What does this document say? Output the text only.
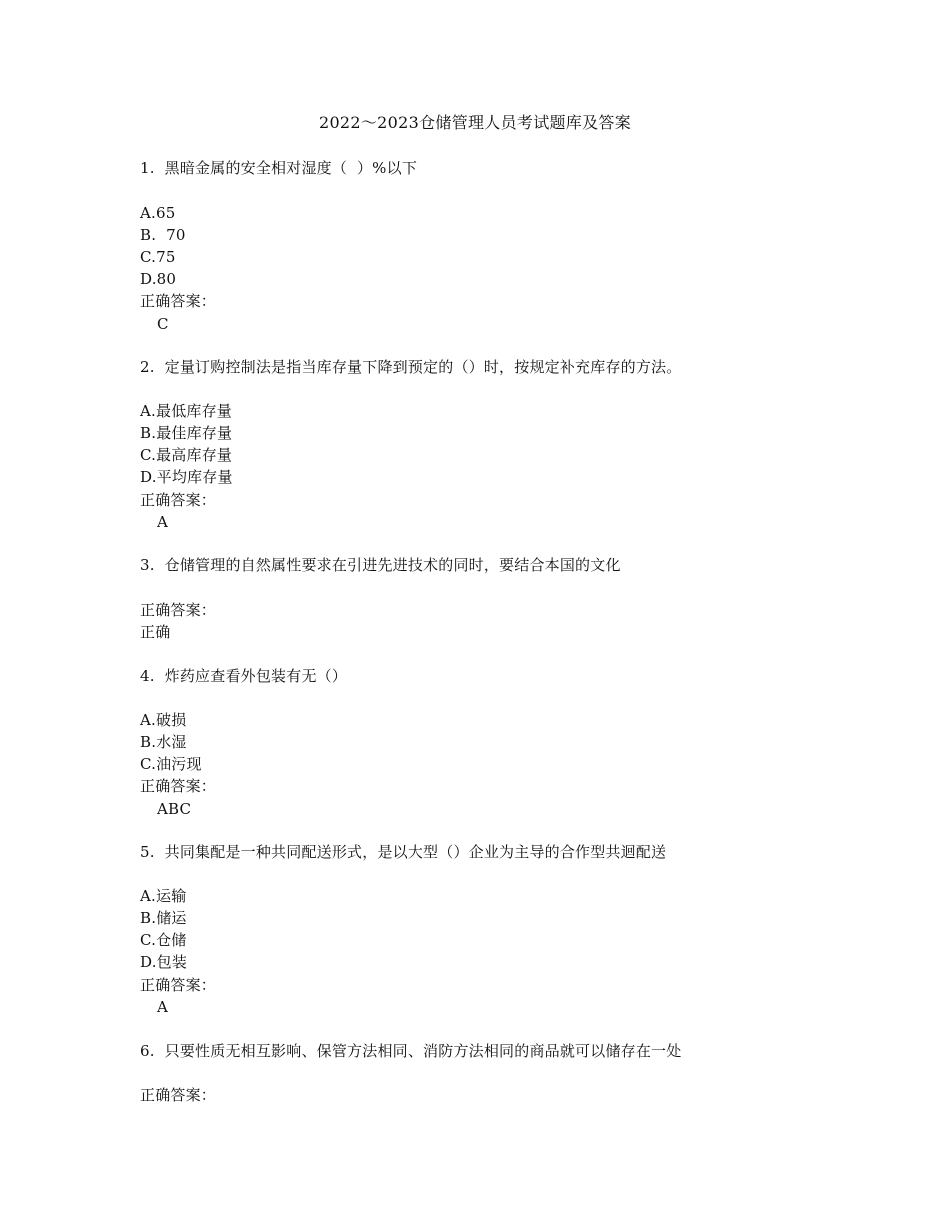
2022～2023仓储管理人员考试题库及答案
1.  黑暗金属的安全相对湿度（  ）%以下
A.65
B.  70
C.75
D.80
正确答案：
C
2.  定量订购控制法是指当库存量下降到预定的（）时，按规定补充库存的方法。
A.最低库存量
B.最佳库存量
C.最高库存量
D.平均库存量
正确答案：
A
3.  仓储管理的自然属性要求在引进先进技术的同时，要结合本国的文化
正确答案：
正确
4.  炸药应查看外包装有无（）
A.破损
B.水湿
C.油污现
正确答案：
ABC
5.  共同集配是一种共同配送形式，是以大型（）企业为主导的合作型共迴配送
A.运输
B.储运
C.仓储
D.包装
正确答案：
A
6.  只要性质无相互影响、保管方法相同、消防方法相同的商品就可以储存在一处
正确答案：
